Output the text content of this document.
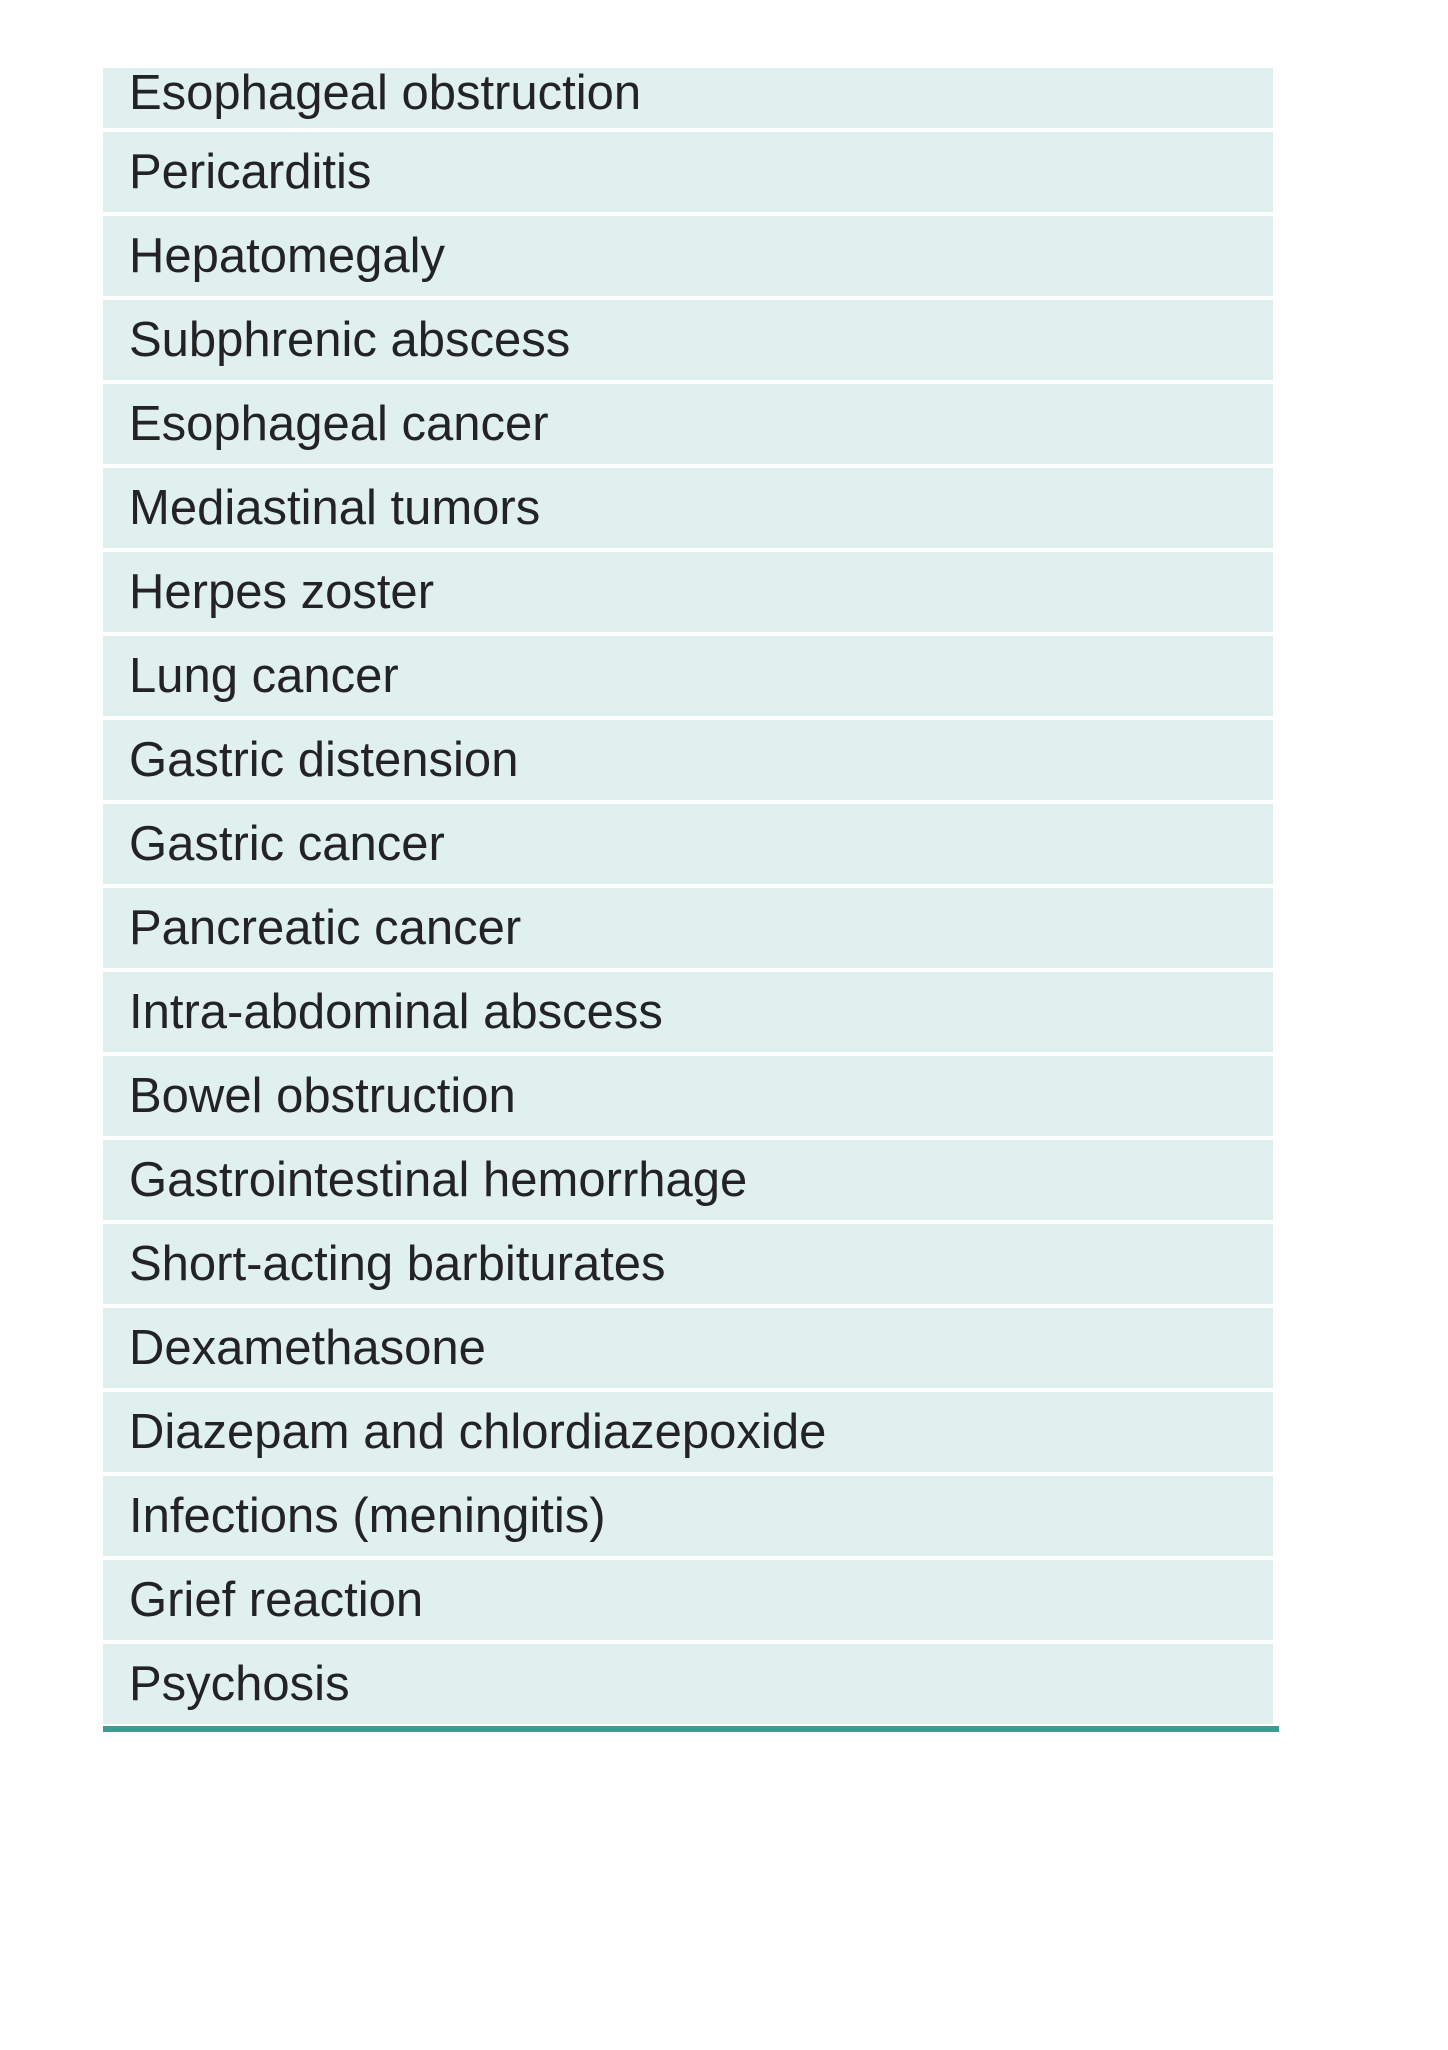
Esophageal obstruction
Pericarditis
Hepatomegaly
Subphrenic abscess
Esophageal cancer
Mediastinal tumors
Herpes zoster
Lung cancer
Gastric distension
Gastric cancer
Pancreatic cancer
Intra-abdominal abscess
Bowel obstruction
Gastrointestinal hemorrhage
Short-acting barbiturates
Dexamethasone
Diazepam and chlordiazepoxide
Infections (meningitis)
Grief reaction
Psychosis
